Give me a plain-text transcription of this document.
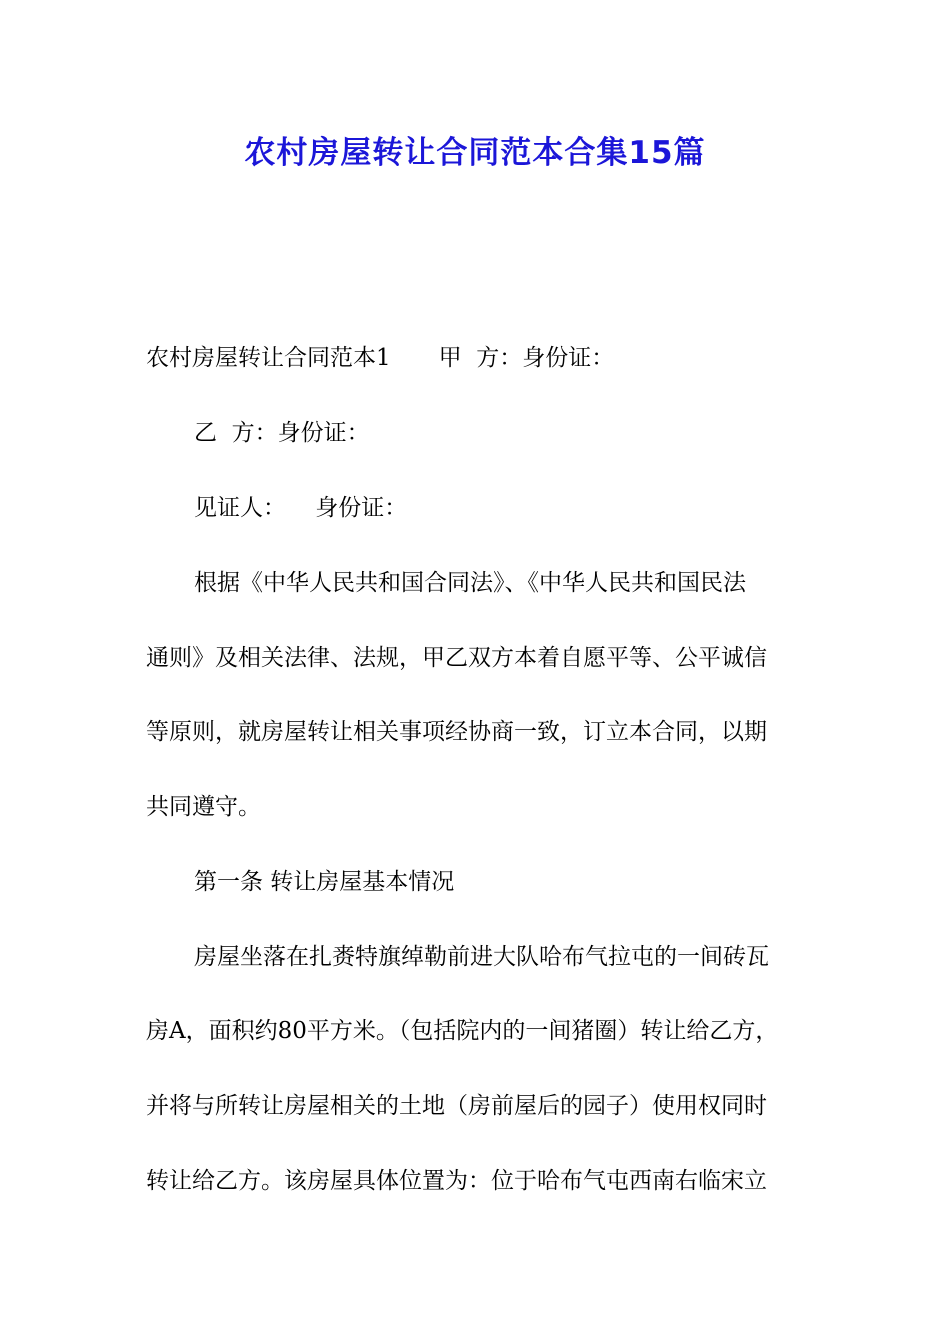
农村房屋转让合同范本合集15篇

农村房屋转让合同范本1 甲  方：身份证：

乙  方：身份证：

见证人：    身份证：

根据《中华人民共和国合同法》、《中华人民共和国民法

通则》及相关法律、法规，甲乙双方本着自愿平等、公平诚信

等原则，就房屋转让相关事项经协商一致，订立本合同，以期

共同遵守。

第一条 转让房屋基本情况

房屋坐落在扎赉特旗绰勒前进大队哈布气拉屯的一间砖瓦

房A，面积约80平方米。（包括院内的一间猪圈）转让给乙方，

并将与所转让房屋相关的土地（房前屋后的园子）使用权同时

转让给乙方。该房屋具体位置为：位于哈布气屯西南右临宋立
